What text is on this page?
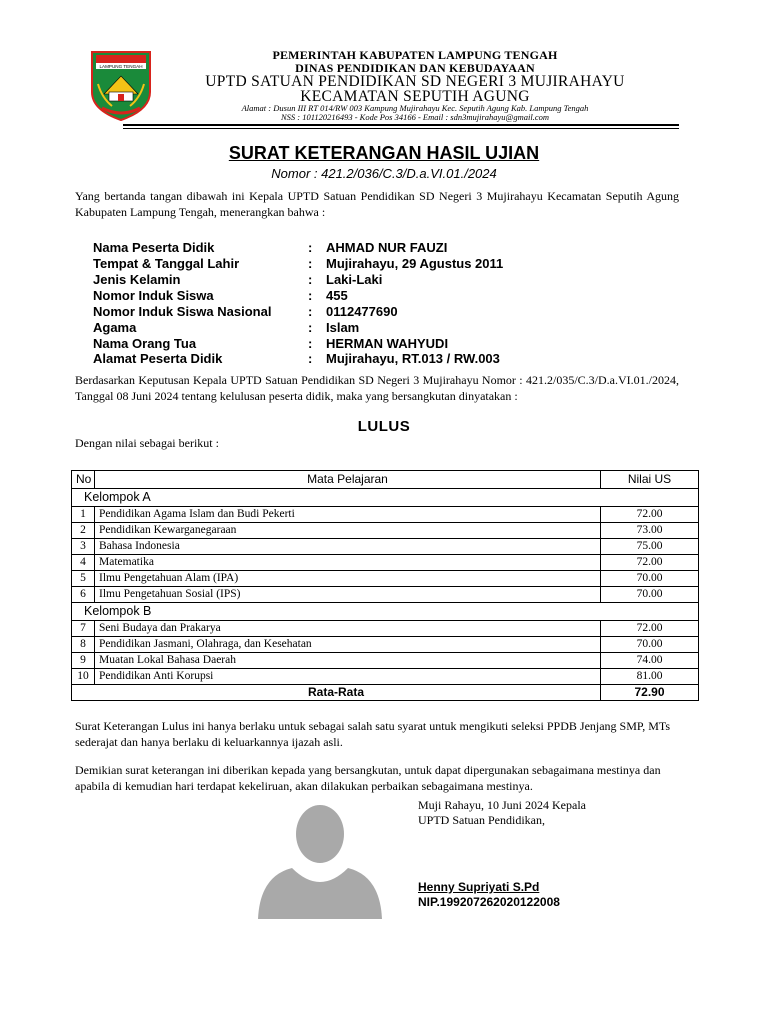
LAMPUNG TENGAH
PEMERINTAH KABUPATEN LAMPUNG TENGAH
DINAS PENDIDIKAN DAN KEBUDAYAAN
UPTD SATUAN PENDIDIKAN SD NEGERI 3 MUJIRAHAYU
KECAMATAN SEPUTIH AGUNG
Alamat : Dusun III RT 014/RW 003 Kampung Mujirahayu Kec. Seputih Agung Kab. Lampung Tengah
NSS : 101120216493 - Kode Pos 34166 - Email : sdn3mujirahayu@gmail.com
SURAT KETERANGAN HASIL UJIAN
Nomor : 421.2/036/C.3/D.a.VI.01./2024
Yang bertanda tangan dibawah ini Kepala UPTD Satuan Pendidikan SD Negeri 3 Mujirahayu Kecamatan Seputih Agung Kabupaten Lampung Tengah, menerangkan bahwa :
Nama Peserta Didik	: AHMAD NUR FAUZI
Tempat & Tanggal Lahir	: Mujirahayu, 29 Agustus 2011
Jenis Kelamin	: Laki-Laki
Nomor Induk Siswa	: 455
Nomor Induk Siswa Nasional	: 0112477690
Agama	: Islam
Nama Orang Tua	: HERMAN WAHYUDI
Alamat Peserta Didik	: Mujirahayu, RT.013 / RW.003
Berdasarkan Keputusan Kepala UPTD Satuan Pendidikan SD Negeri 3 Mujirahayu Nomor : 421.2/035/C.3/D.a.VI.01./2024, Tanggal 08 Juni 2024 tentang kelulusan peserta didik, maka yang bersangkutan dinyatakan :
LULUS
Dengan nilai sebagai berikut :
No	Mata Pelajaran	Nilai US
Kelompok A		
1	Pendidikan Agama Islam dan Budi Pekerti	72.00
2	Pendidikan Kewarganegaraan	73.00
3	Bahasa Indonesia	75.00
4	Matematika	72.00
5	Ilmu Pengetahuan Alam (IPA)	70.00
6	Ilmu Pengetahuan Sosial (IPS)	70.00
Kelompok B		
7	Seni Budaya dan Prakarya	72.00
8	Pendidikan Jasmani, Olahraga, dan Kesehatan	70.00
9	Muatan Lokal Bahasa Daerah	74.00
10	Pendidikan Anti Korupsi	81.00
Rata-Rata		72.90
Surat Keterangan Lulus ini hanya berlaku untuk sebagai salah satu syarat untuk mengikuti seleksi PPDB Jenjang SMP, MTs sederajat dan hanya berlaku di keluarkannya ijazah asli.
Demikian surat keterangan ini diberikan kepada yang bersangkutan, untuk dapat dipergunakan sebagaimana mestinya dan apabila di kemudian hari terdapat kekeliruan, akan dilakukan perbaikan sebagaimana mestinya.
Muji Rahayu, 10 Juni 2024 Kepala
UPTD Satuan Pendidikan,
Henny Supriyati S.Pd
NIP.199207262020122008
